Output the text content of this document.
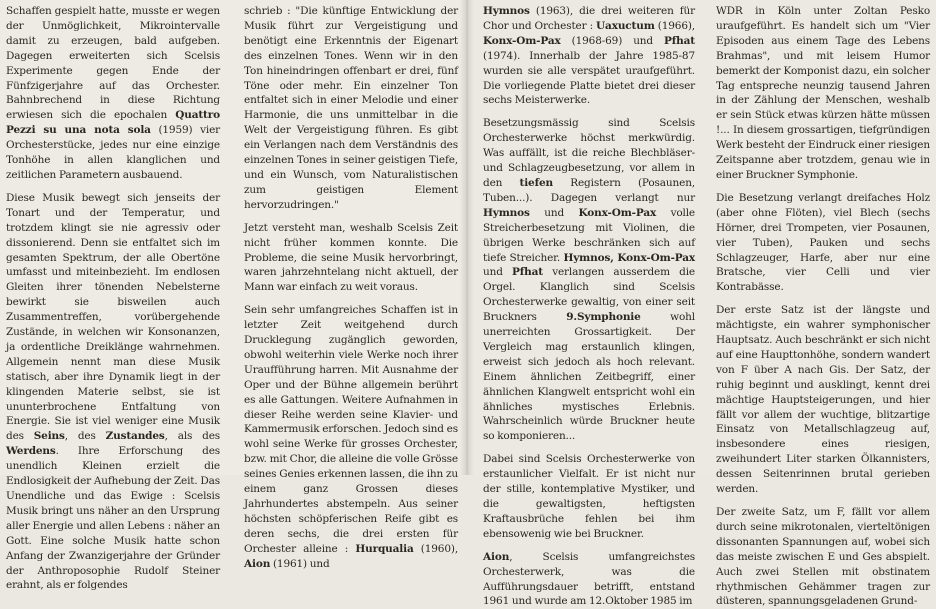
Schaffen gespielt hatte, musste er wegen der Unmöglichkeit, Mikrointervalle damit zu erzeugen, bald aufgeben. Dagegen erweiterten sich Scelsis Experimente gegen Ende der Fünfzigerjahre auf das Orchester. Bahnbrechend in diese Richtung erwiesen sich die epochalen Quattro Pezzi su una nota sola (1959) vier Orchesterstücke, jedes nur eine einzige Tonhöhe in allen klanglichen und zeitlichen Parametern ausbauend.

Diese Musik bewegt sich jenseits der Tonart und der Temperatur, und trotzdem klingt sie nie agressiv oder dissonierend. Denn sie entfaltet sich im gesamten Spektrum, der alle Obertöne umfasst und miteinbezieht. Im endlosen Gleiten ihrer tönenden Nebelsterne bewirkt sie bisweilen auch Zusammentreffen, vorübergehende Zustände, in welchen wir Konsonanzen, ja ordentliche Dreiklänge wahrnehmen. Allgemein nennt man diese Musik statisch, aber ihre Dynamik liegt in der klingenden Materie selbst, sie ist ununterbrochene Entfaltung von Energie. Sie ist viel weniger eine Musik des Seins, des Zustandes, als des Werdens. Ihre Erforschung des unendlich Kleinen erzielt die Endlosigkeit der Aufhebung der Zeit. Das Unendliche und das Ewige : Scelsis Musik bringt uns näher an den Ursprung aller Energie und allen Lebens : näher an Gott. Eine solche Musik hatte schon Anfang der Zwanzigerjahre der Gründer der Anthroposophie Rudolf Steiner erahnt, als er folgendes

schrieb : "Die künftige Entwicklung der Musik führt zur Vergeistigung und benötigt eine Erkenntnis der Eigenart des einzelnen Tones. Wenn wir in den Ton hineindringen offenbart er drei, fünf Töne oder mehr. Ein einzelner Ton entfaltet sich in einer Melodie und einer Harmonie, die uns unmittelbar in die Welt der Vergeistigung führen. Es gibt ein Verlangen nach dem Verständnis des einzelnen Tones in seiner geistigen Tiefe, und ein Wunsch, vom Naturalistischen zum geistigen Element hervorzudringen."

Jetzt versteht man, weshalb Scelsis Zeit nicht früher kommen konnte. Die Probleme, die seine Musik hervorbringt, waren jahrzehntelang nicht aktuell, der Mann war einfach zu weit voraus.

Sein sehr umfangreiches Schaffen ist in letzter Zeit weitgehend durch Drucklegung zugänglich geworden, obwohl weiterhin viele Werke noch ihrer Uraufführung harren. Mit Ausnahme der Oper und der Bühne allgemein berührt es alle Gattungen. Weitere Aufnahmen in dieser Reihe werden seine Klavier- und Kammermusik erforschen. Jedoch sind es wohl seine Werke für grosses Orchester, bzw. mit Chor, die alleine die volle Grösse seines Genies erkennen lassen, die ihn zu einem ganz Grossen dieses Jahrhundertes abstempeln. Aus seiner höchsten schöpferischen Reife gibt es deren sechs, die drei ersten für Orchester alleine : Hurqualia (1960), Aion (1961) und

Hymnos (1963), die drei weiteren für Chor und Orchester : Uaxuctum (1966), Konx-Om-Pax (1968-69) und Pfhat (1974). Innerhalb der Jahre 1985-87 wurden sie alle verspätet uraufgeführt. Die vorliegende Platte bietet drei dieser sechs Meisterwerke.

Besetzungsmässig sind Scelsis Orchesterwerke höchst merkwürdig. Was auffällt, ist die reiche Blechbläser- und Schlagzeugbesetzung, vor allem in den tiefen Registern (Posaunen, Tuben...). Dagegen verlangt nur Hymnos und Konx-Om-Pax volle Streicherbesetzung mit Violinen, die übrigen Werke beschränken sich auf tiefe Streicher. Hymnos, Konx-Om-Pax und Pfhat verlangen ausserdem die Orgel. Klanglich sind Scelsis Orchesterwerke gewaltig, von einer seit Bruckners 9.Symphonie wohl unerreichten Grossartigkeit. Der Vergleich mag erstaunlich klingen, erweist sich jedoch als hoch relevant. Einem ähnlichen Zeitbegriff, einer ähnlichen Klangwelt entspricht wohl ein ähnliches mystisches Erlebnis. Wahrscheinlich würde Bruckner heute so komponieren...

Dabei sind Scelsis Orchesterwerke von erstaunlicher Vielfalt. Er ist nicht nur der stille, kontemplative Mystiker, und die gewaltigsten, heftigsten Kraftausbrüche fehlen bei ihm ebensowenig wie bei Bruckner.

Aion, Scelsis umfangreichstes Orchesterwerk, was die Aufführungsdauer betrifft, entstand 1961 und wurde am 12.Oktober 1985 im

WDR in Köln unter Zoltan Pesko uraufgeführt. Es handelt sich um "Vier Episoden aus einem Tage des Lebens Brahmas", und mit leisem Humor bemerkt der Komponist dazu, ein solcher Tag entspreche neunzig tausend Jahren in der Zählung der Menschen, weshalb er sein Stück etwas kürzen hätte müssen !... In diesem grossartigen, tiefgründigen Werk besteht der Eindruck einer riesigen Zeitspanne aber trotzdem, genau wie in einer Bruckner Symphonie.

Die Besetzung verlangt dreifaches Holz (aber ohne Flöten), viel Blech (sechs Hörner, drei Trompeten, vier Posaunen, vier Tuben), Pauken und sechs Schlagzeuger, Harfe, aber nur eine Bratsche, vier Celli und vier Kontrabässe.

Der erste Satz ist der längste und mächtigste, ein wahrer symphonischer Hauptsatz. Auch beschränkt er sich nicht auf eine Haupttonhöhe, sondern wandert von F über A nach Gis. Der Satz, der ruhig beginnt und ausklingt, kennt drei mächtige Hauptsteigerungen, und hier fällt vor allem der wuchtige, blitzartige Einsatz von Metallschlagzeug auf, insbesondere eines riesigen, zweihundert Liter starken Ölkannisters, dessen Seitenrinnen brutal gerieben werden.

Der zweite Satz, um F, fällt vor allem durch seine mikrotonalen, vierteltönigen dissonanten Spannungen auf, wobei sich das meiste zwischen E und Ges abspielt. Auch zwei Stellen mit obstinatem rhythmischen Gehämmer tragen zur düsteren, spannungsgeladenen Grund-
